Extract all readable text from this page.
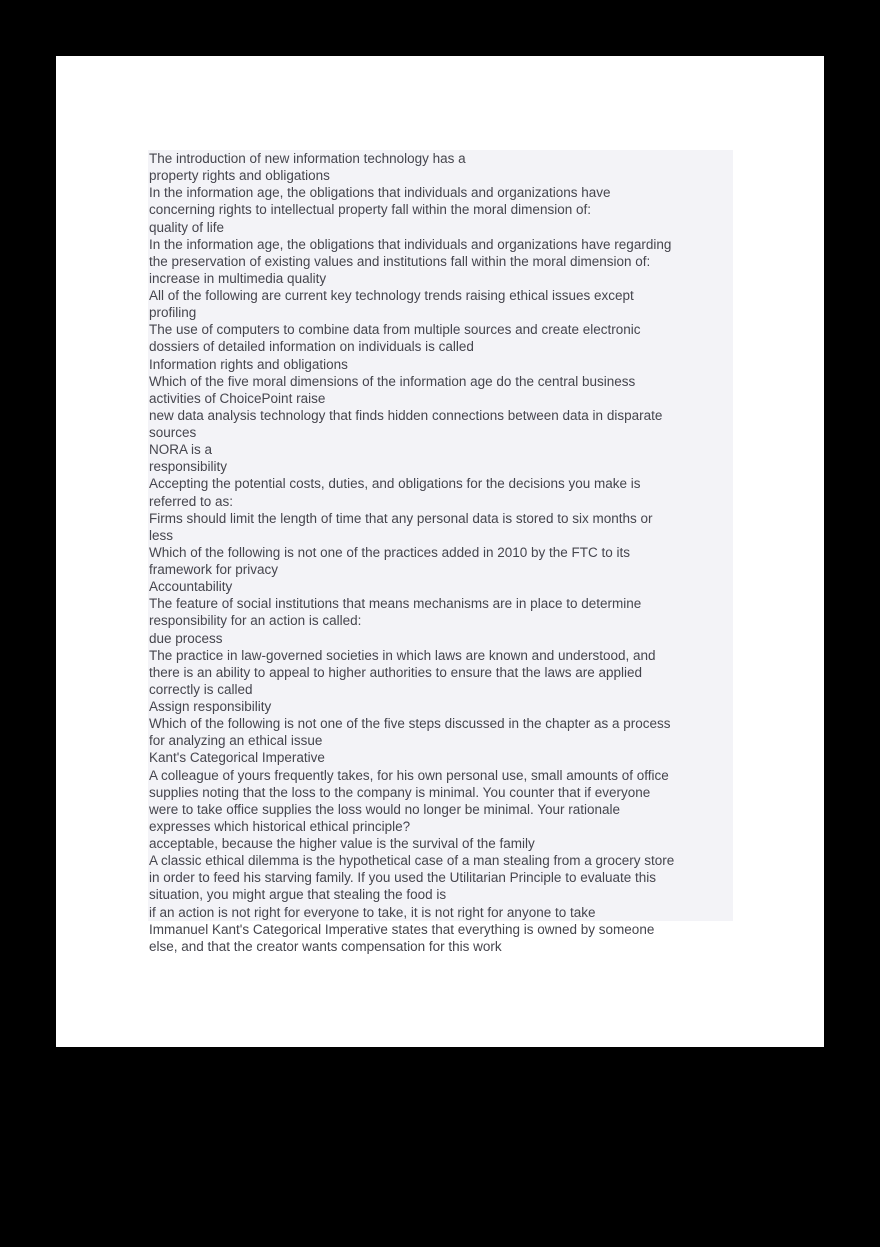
The introduction of new information technology has a
property rights and obligations
In the information age, the obligations that individuals and organizations have
concerning rights to intellectual property fall within the moral dimension of:
quality of life
In the information age, the obligations that individuals and organizations have regarding
the preservation of existing values and institutions fall within the moral dimension of:
increase in multimedia quality
All of the following are current key technology trends raising ethical issues except
profiling
The use of computers to combine data from multiple sources and create electronic
dossiers of detailed information on individuals is called
Information rights and obligations
Which of the five moral dimensions of the information age do the central business
activities of ChoicePoint raise
new data analysis technology that finds hidden connections between data in disparate
sources
NORA is a
responsibility
Accepting the potential costs, duties, and obligations for the decisions you make is
referred to as:
Firms should limit the length of time that any personal data is stored to six months or
less
Which of the following is not one of the practices added in 2010 by the FTC to its
framework for privacy
Accountability
The feature of social institutions that means mechanisms are in place to determine
responsibility for an action is called:
due process
The practice in law-governed societies in which laws are known and understood, and
there is an ability to appeal to higher authorities to ensure that the laws are applied
correctly is called
Assign responsibility
Which of the following is not one of the five steps discussed in the chapter as a process
for analyzing an ethical issue
Kant's Categorical Imperative
A colleague of yours frequently takes, for his own personal use, small amounts of office
supplies noting that the loss to the company is minimal. You counter that if everyone
were to take office supplies the loss would no longer be minimal. Your rationale
expresses which historical ethical principle?
acceptable, because the higher value is the survival of the family
A classic ethical dilemma is the hypothetical case of a man stealing from a grocery store
in order to feed his starving family. If you used the Utilitarian Principle to evaluate this
situation, you might argue that stealing the food is
if an action is not right for everyone to take, it is not right for anyone to take
Immanuel Kant's Categorical Imperative states that everything is owned by someone
else, and that the creator wants compensation for this work
